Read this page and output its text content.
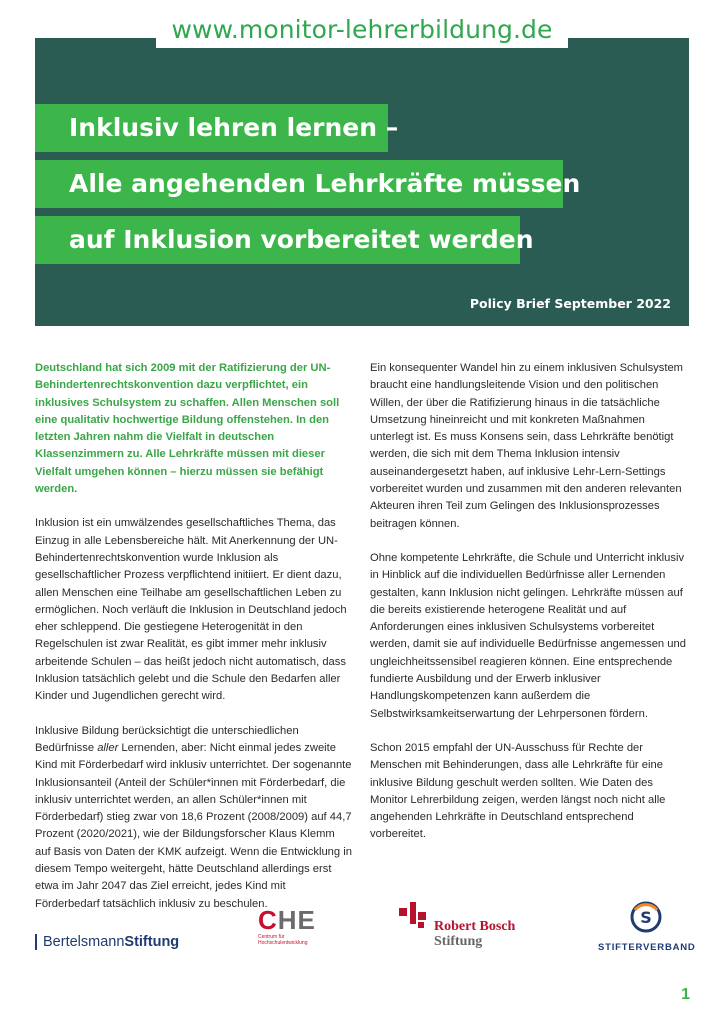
www.monitor-lehrerbildung.de
Inklusiv lehren lernen –
Alle angehenden Lehrkräfte müssen
auf Inklusion vorbereitet werden
Policy Brief September 2022

Deutschland hat sich 2009 mit der Ratifizierung der UN-Behindertenrechtskonvention dazu verpflichtet, ein inklusives Schulsystem zu schaffen. Allen Menschen soll eine qualitativ hochwertige Bildung offenstehen. In den letzten Jahren nahm die Vielfalt in deutschen Klassenzimmern zu. Alle Lehrkräfte müssen mit dieser Vielfalt umgehen können – hierzu müssen sie befähigt werden.

Inklusion ist ein umwälzendes gesellschaftliches Thema, das Einzug in alle Lebensbereiche hält. Mit Anerkennung der UN-Behindertenrechtskonvention wurde Inklusion als gesellschaftlicher Prozess verpflichtend initiiert. Er dient dazu, allen Menschen eine Teilhabe am gesellschaftlichen Leben zu ermöglichen. Noch verläuft die Inklusion in Deutschland jedoch eher schleppend. Die gestiegene Heterogenität in den Regelschulen ist zwar Realität, es gibt immer mehr inklusiv arbeitende Schulen – das heißt jedoch nicht automatisch, dass Inklusion tatsächlich gelebt und die Schule den Bedarfen aller Kinder und Jugendlichen gerecht wird.

Inklusive Bildung berücksichtigt die unterschiedlichen Bedürfnisse aller Lernenden, aber: Nicht einmal jedes zweite Kind mit Förderbedarf wird inklusiv unterrichtet. Der sogenannte Inklusionsanteil (Anteil der Schüler*innen mit Förderbedarf, die inklusiv unterrichtet werden, an allen Schüler*innen mit Förderbedarf) stieg zwar von 18,6 Prozent (2008/2009) auf 44,7 Prozent (2020/2021), wie der Bildungsforscher Klaus Klemm auf Basis von Daten der KMK aufzeigt. Wenn die Entwicklung in diesem Tempo weitergeht, hätte Deutschland allerdings erst etwa im Jahr 2047 das Ziel erreicht, jedes Kind mit Förderbedarf tatsächlich inklusiv zu beschulen.

Ein konsequenter Wandel hin zu einem inklusiven Schulsystem braucht eine handlungsleitende Vision und den politischen Willen, der über die Ratifizierung hinaus in die tatsächliche Umsetzung hineinreicht und mit konkreten Maßnahmen unterlegt ist. Es muss Konsens sein, dass Lehrkräfte benötigt werden, die sich mit dem Thema Inklusion intensiv auseinandergesetzt haben, auf inklusive Lehr-Lern-Settings vorbereitet wurden und zusammen mit den anderen relevanten Akteuren ihren Teil zum Gelingen des Inklusionsprozesses beitragen können.

Ohne kompetente Lehrkräfte, die Schule und Unterricht inklusiv in Hinblick auf die individuellen Bedürfnisse aller Lernenden gestalten, kann Inklusion nicht gelingen. Lehrkräfte müssen auf die bereits existierende heterogene Realität und auf Anforderungen eines inklusiven Schulsystems vorbereitet werden, damit sie auf individuelle Bedürfnisse angemessen und ungleichheitssensibel reagieren können. Eine entsprechende fundierte Ausbildung und der Erwerb inklusiver Handlungskompetenzen kann außerdem die Selbstwirksamkeitserwartung der Lehrpersonen fördern.

Schon 2015 empfahl der UN-Ausschuss für Rechte der Menschen mit Behinderungen, dass alle Lehrkräfte für eine inklusive Bildung geschult werden sollten. Wie Daten des Monitor Lehrerbildung zeigen, werden längst noch nicht alle angehenden Lehrkräfte in Deutschland entsprechend vorbereitet.

BertelsmannStiftung
CHE
Centrum für
Hochschulentwicklung
Robert Bosch
Stiftung
S
STIFTERVERBAND
1
